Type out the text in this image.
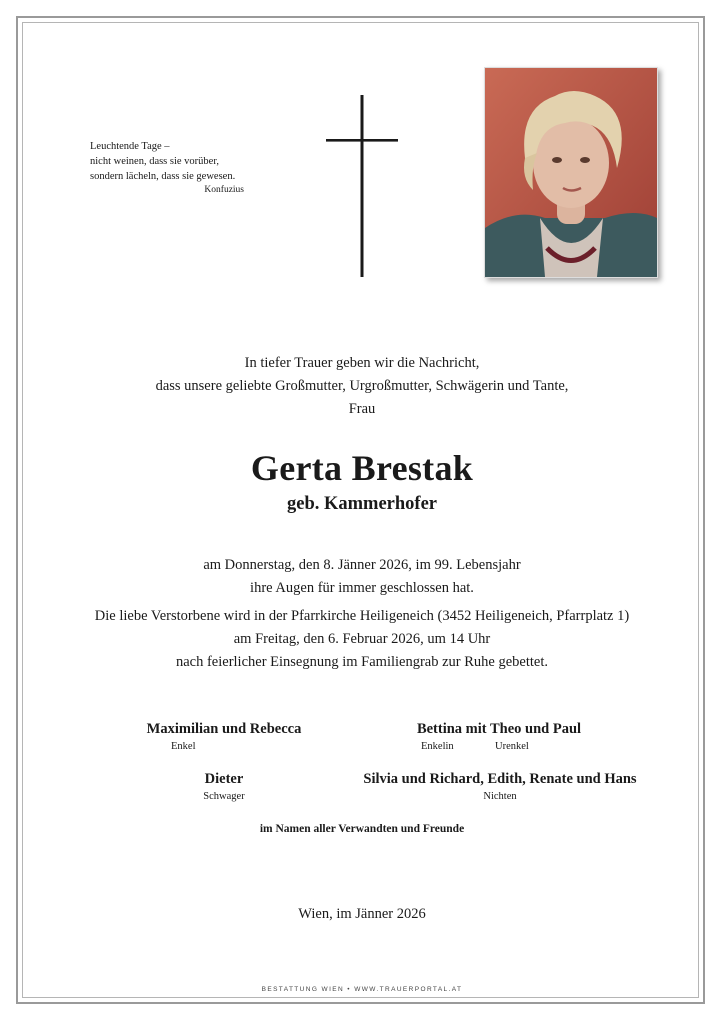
Leuchtende Tage –
nicht weinen, dass sie vorüber,
sondern lächeln, dass sie gewesen.
Konfuzius
In tiefer Trauer geben wir die Nachricht,
dass unsere geliebte Großmutter, Urgroßmutter, Schwägerin und Tante,
Frau
Gerta Brestak
geb. Kammerhofer
am Donnerstag, den 8. Jänner 2026, im 99. Lebensjahr
ihre Augen für immer geschlossen hat.
Die liebe Verstorbene wird in der Pfarrkirche Heiligeneich (3452 Heiligeneich, Pfarrplatz 1)
am Freitag, den 6. Februar 2026, um 14 Uhr
nach feierlicher Einsegnung im Familiengrab zur Ruhe gebettet.
Maximilian und Rebecca
Enkel
Bettina mit Theo und Paul
Enkelin	Urenkel
Dieter
Schwager
Silvia und Richard, Edith, Renate und Hans
Nichten
im Namen aller Verwandten und Freunde
Wien, im Jänner 2026
BESTATTUNG WIEN • WWW.TRAUERPORTAL.AT
